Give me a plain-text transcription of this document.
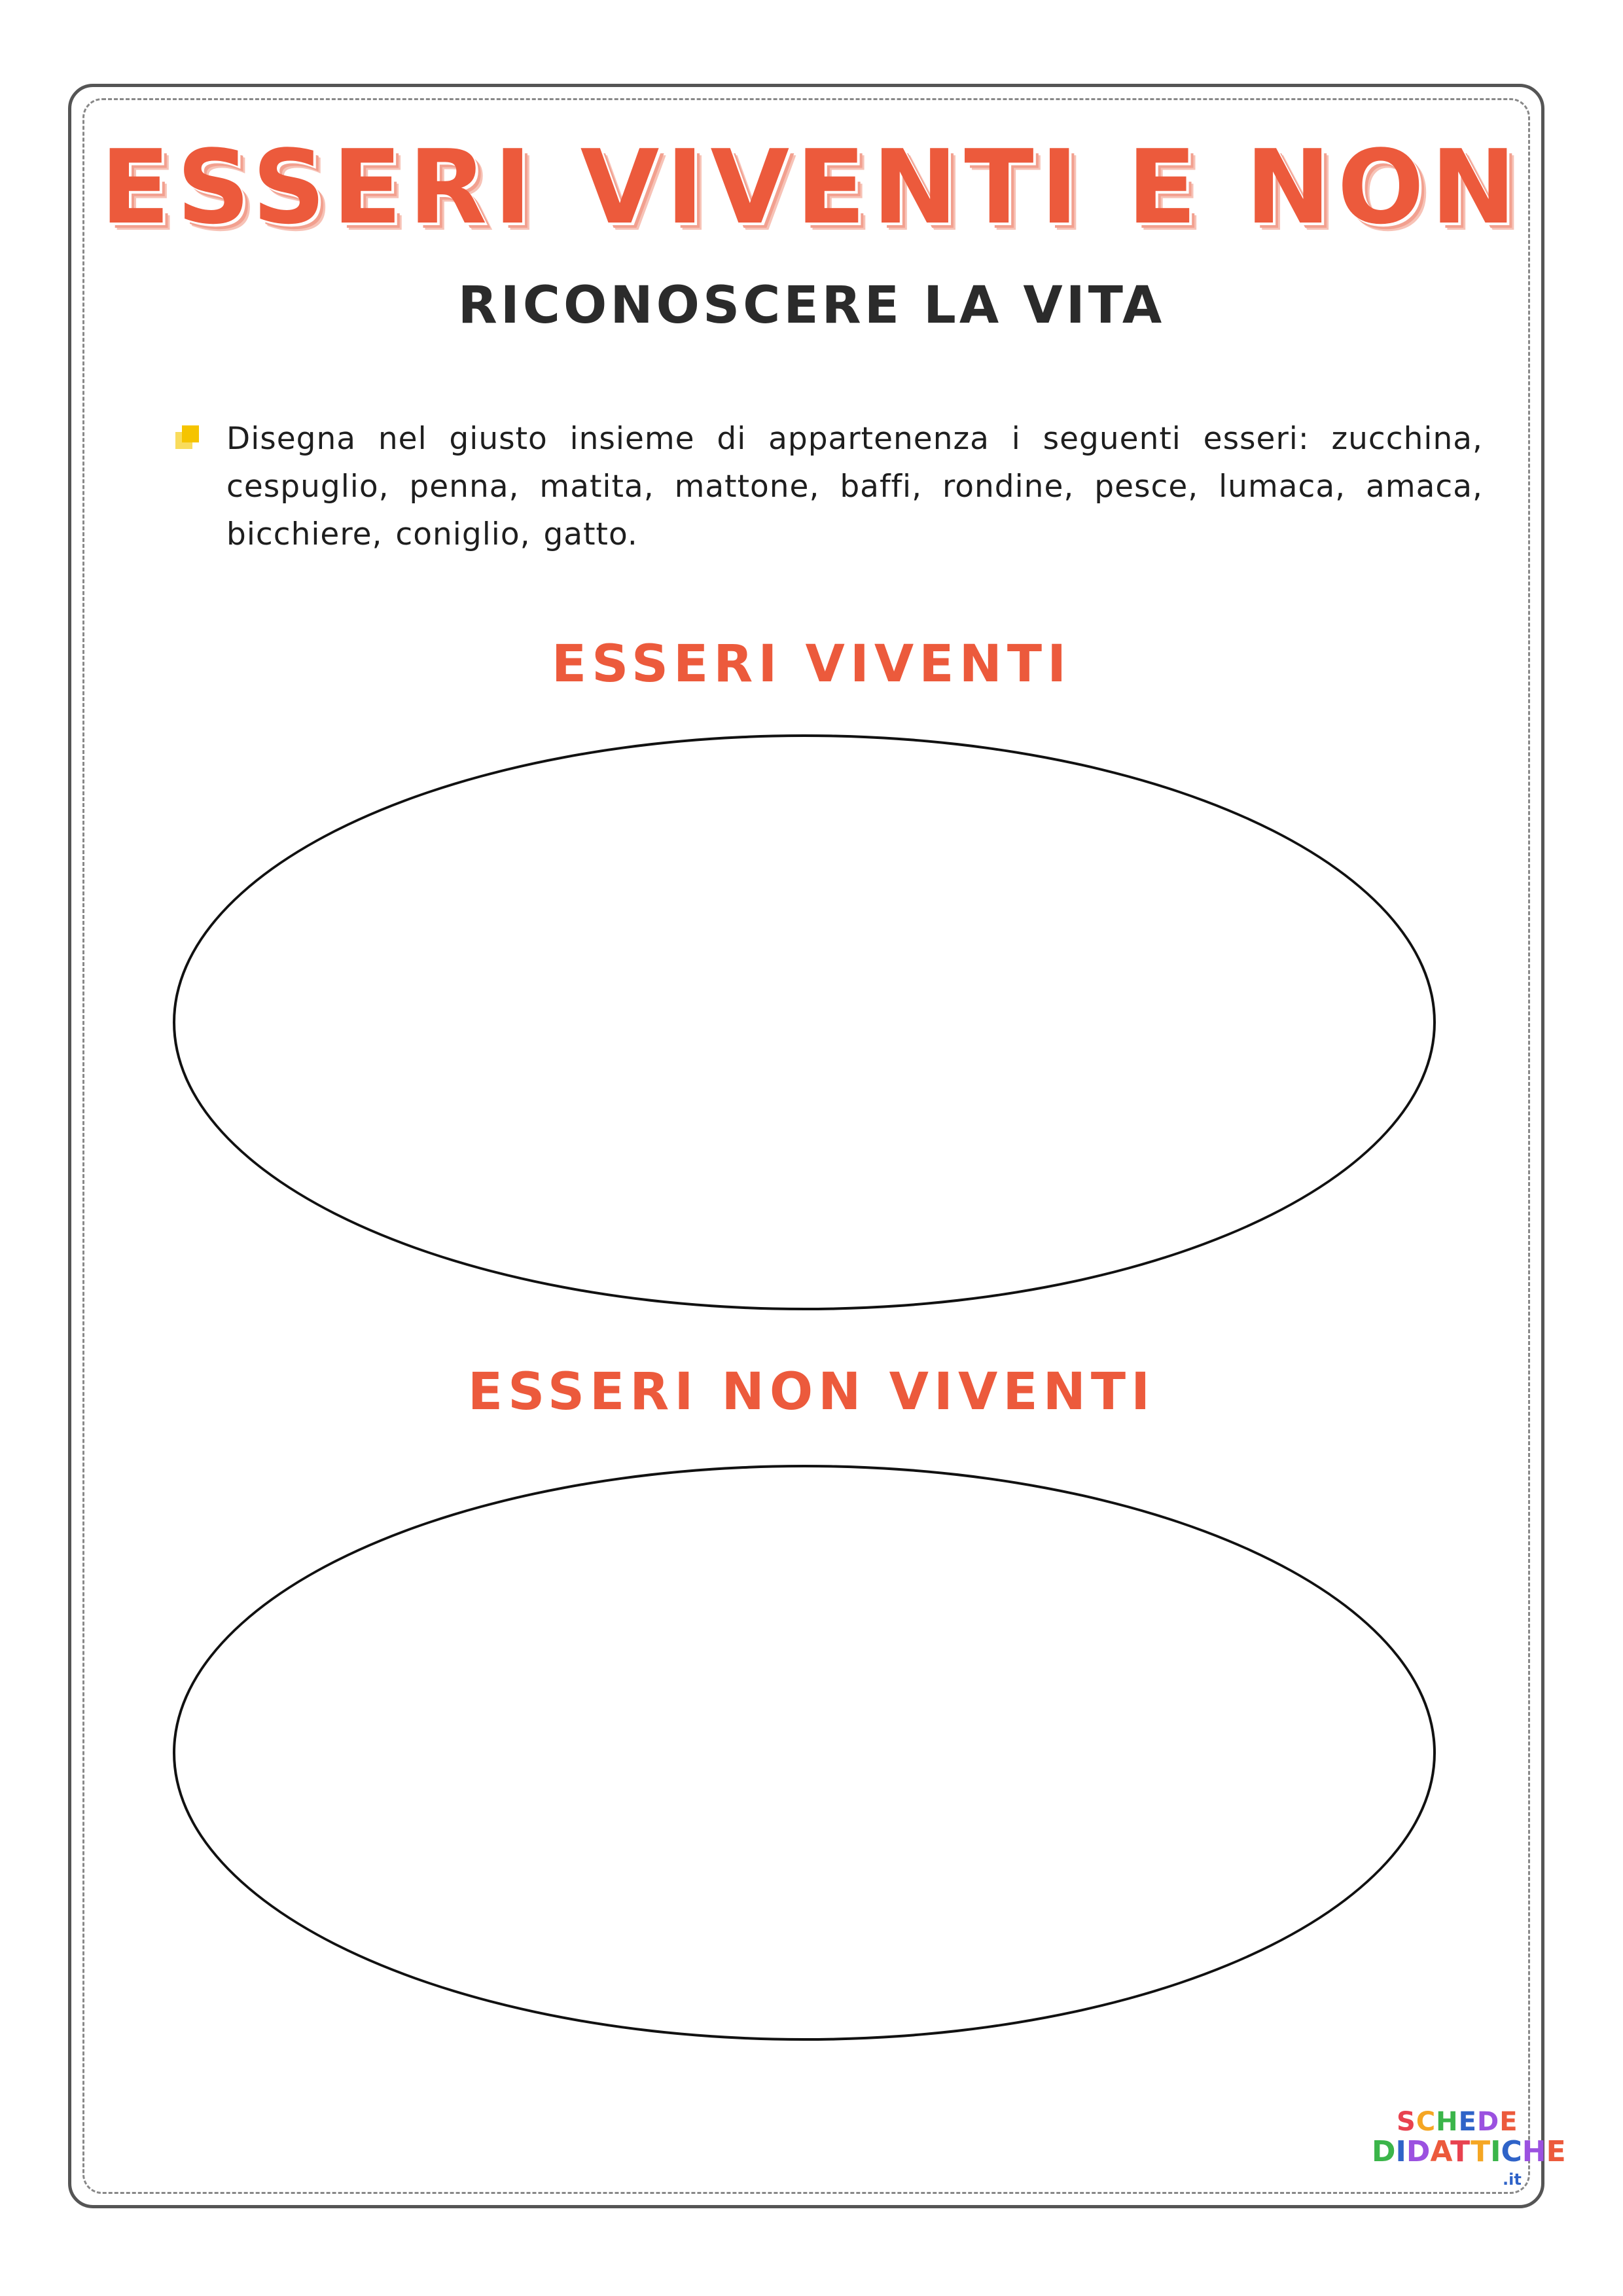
ESSERI VIVENTI E NON
RICONOSCERE LA VITA
Disegna nel giusto insieme di appartenenza i seguenti esseri: zucchina, cespuglio, penna, matita, mattone, baffi, rondine, pesce, lumaca, amaca, bicchiere, coniglio, gatto.
ESSERI VIVENTI
ESSERI NON VIVENTI
SCHEDE
DIDATTICHE
.it
